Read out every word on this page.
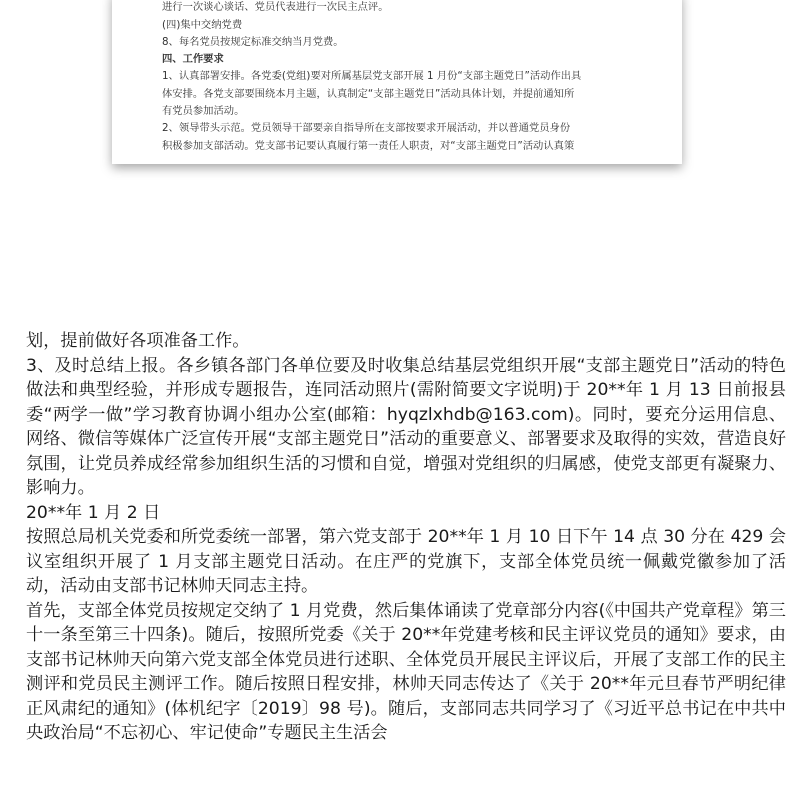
进行一次谈心谈话、党员代表进行一次民主点评。

(四)集中交纳党费

8、每名党员按规定标准交纳当月党费。

四、工作要求

1、认真部署安排。各党委(党组)要对所属基层党支部开展 1 月份“支部主题党日”活动作出具

体安排。各党支部要围绕本月主题，认真制定“支部主题党日”活动具体计划，并提前通知所

有党员参加活动。

2、领导带头示范。党员领导干部要亲自指导所在支部按要求开展活动，并以普通党员身份

积极参加支部活动。党支部书记要认真履行第一责任人职责，对“支部主题党日”活动认真策

划，提前做好各项准备工作。

3、及时总结上报。各乡镇各部门各单位要及时收集总结基层党组织开展“支部主题党日”活动的特色做法和典型经验，并形成专题报告，连同活动照片(需附简要文字说明)于 20**年 1 月 13 日前报县委“两学一做”学习教育协调小组办公室(邮箱：hyqzlxhdb@163.com)。同时，要充分运用信息、网络、微信等媒体广泛宣传开展“支部主题党日”活动的重要意义、部署要求及取得的实效，营造良好氛围，让党员养成经常参加组织生活的习惯和自觉，增强对党组织的归属感，使党支部更有凝聚力、影响力。

20**年 1 月 2 日

按照总局机关党委和所党委统一部署，第六党支部于 20**年 1 月 10 日下午 14 点 30 分在 429 会议室组织开展了 1 月支部主题党日活动。在庄严的党旗下，支部全体党员统一佩戴党徽参加了活动，活动由支部书记林帅天同志主持。

首先，支部全体党员按规定交纳了 1 月党费，然后集体诵读了党章部分内容(《中国共产党章程》第三十一条至第三十四条)。随后，按照所党委《关于 20**年党建考核和民主评议党员的通知》要求，由支部书记林帅天向第六党支部全体党员进行述职、全体党员开展民主评议后，开展了支部工作的民主测评和党员民主测评工作。随后按照日程安排，林帅天同志传达了《关于 20**年元旦春节严明纪律正风肃纪的通知》(体机纪字〔2019〕98 号)。随后，支部同志共同学习了《习近平总书记在中共中央政治局“不忘初心、牢记使命”专题民主生活会
